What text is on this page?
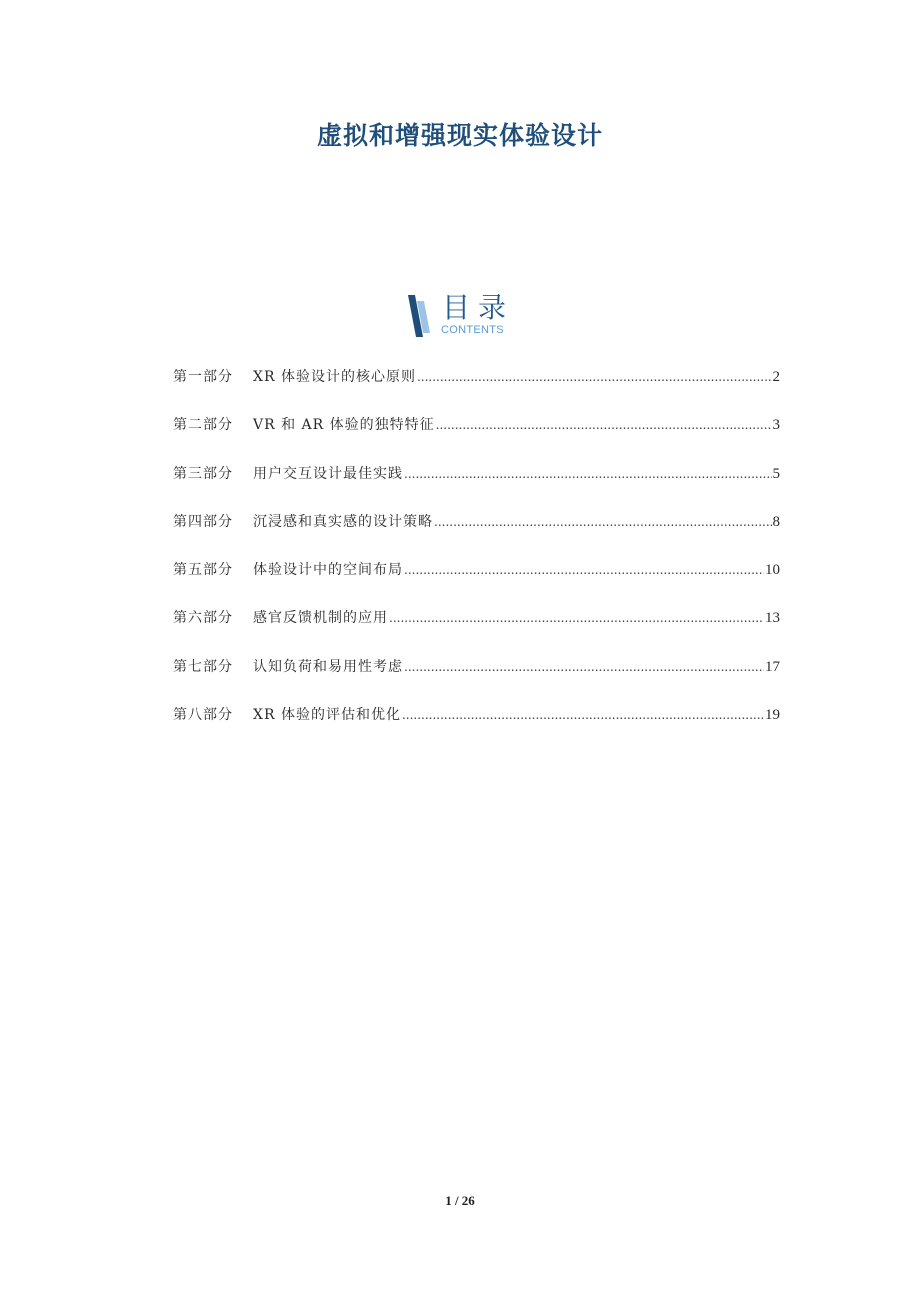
虚拟和增强现实体验设计
目录
CONTENTS
第一部分	XR 体验设计的核心原则 .....	2
第二部分	VR 和 AR 体验的独特特征 .....	3
第三部分	用户交互设计最佳实践 .....	5
第四部分	沉浸感和真实感的设计策略 .....	8
第五部分	体验设计中的空间布局 .....	10
第六部分	感官反馈机制的应用 .....	13
第七部分	认知负荷和易用性考虑 .....	17
第八部分	XR 体验的评估和优化 .....	19
1 / 26
